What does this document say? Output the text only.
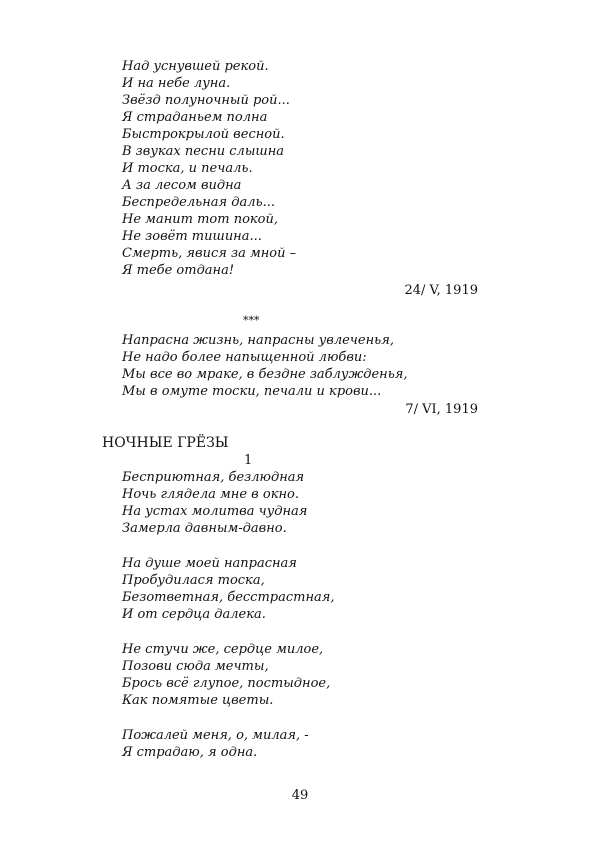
Над уснувшей рекой.
И на небе луна.
Звёзд полуночный рой...
Я страданьем полна
Быстрокрылой весной.
В звуках песни слышна
И тоска, и печаль.
А за лесом видна
Беспредельная даль...
Не манит тот покой,
Не зовёт тишина...
Смерть, явися за мной –
Я тебе отдана!
24/ V, 1919
***
Напрасна жизнь, напрасны увлеченья,
Не надо более напыщенной любви:
Мы все во мраке, в бездне заблужденья,
Мы в омуте тоски, печали и крови...
7/ VI, 1919
НОЧНЫЕ ГРЁЗЫ
1
Бесприютная, безлюдная
Ночь глядела мне в окно.
На устах молитва чудная
Замерла давным-давно.
На душе моей напрасная
Пробудилася тоска,
Безответная, бесстрастная,
И от сердца далека.
Не стучи же, сердце милое,
Позови сюда мечты,
Брось всё глупое, постыдное,
Как помятые цветы.
Пожалей меня, о, милая, -
Я страдаю, я одна.
49
